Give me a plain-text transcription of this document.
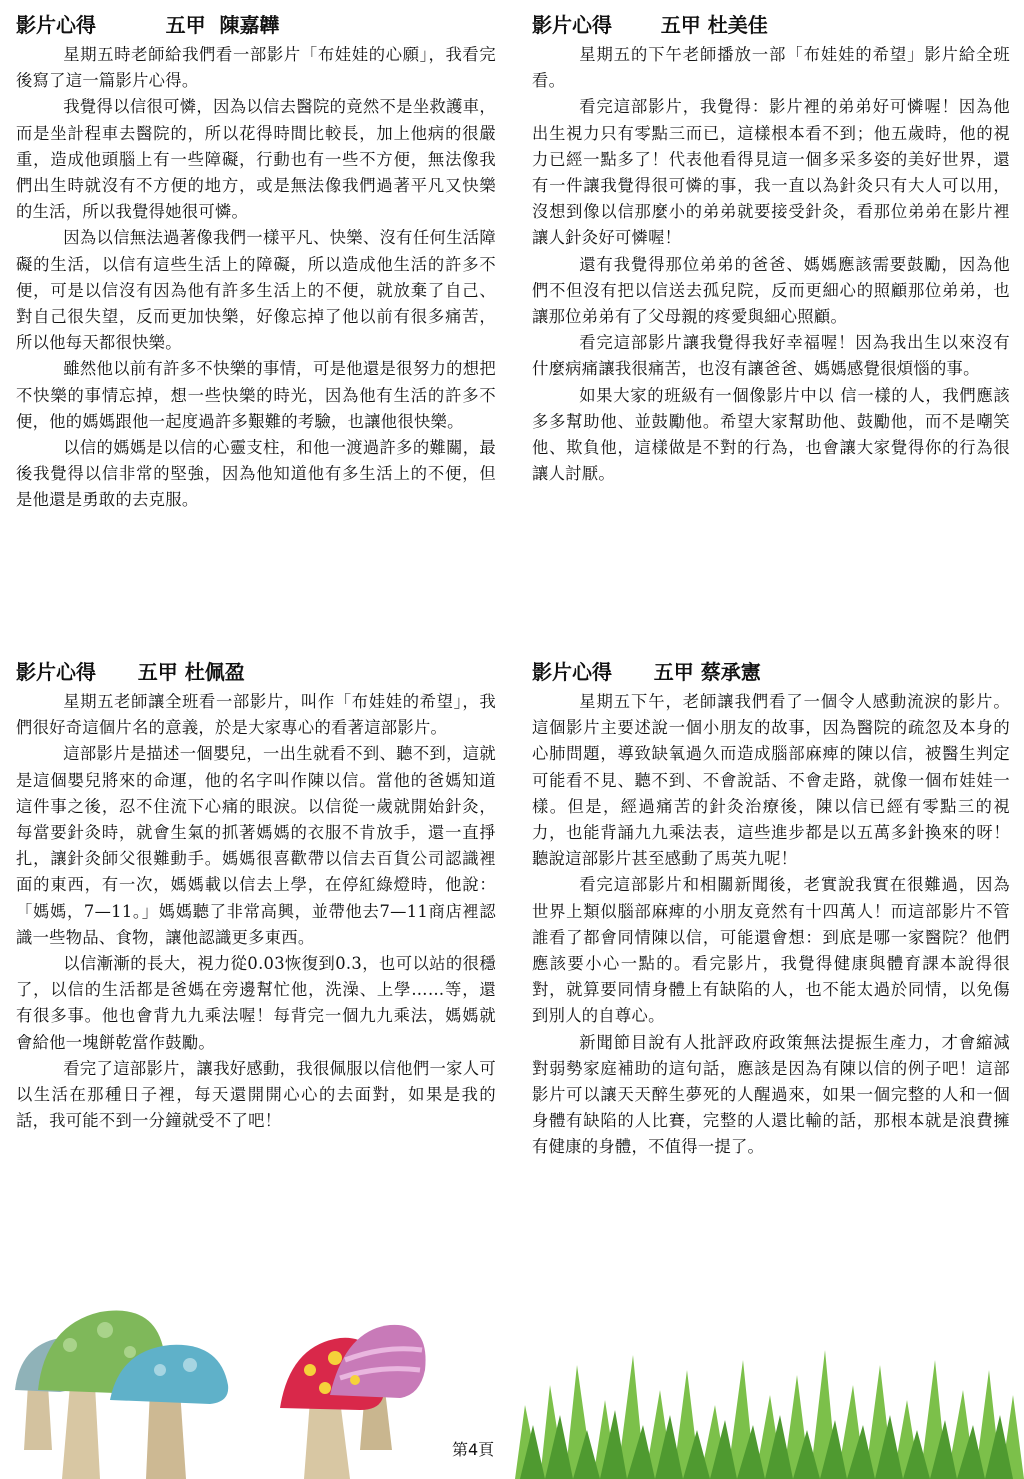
影片心得          五甲  陳嘉韡

星期五時老師給我們看一部影片「布娃娃的心願」，我看完後寫了這一篇影片心得。

我覺得以信很可憐，因為以信去醫院的竟然不是坐救護車，而是坐計程車去醫院的，所以花得時間比較長，加上他病的很嚴重，造成他頭腦上有一些障礙，行動也有一些不方便，無法像我們出生時就沒有不方便的地方，或是無法像我們過著平凡又快樂的生活，所以我覺得她很可憐。

因為以信無法過著像我們一樣平凡、快樂、沒有任何生活障礙的生活，以信有這些生活上的障礙，所以造成他生活的許多不便，可是以信沒有因為他有許多生活上的不便，就放棄了自己、對自己很失望，反而更加快樂，好像忘掉了他以前有很多痛苦，所以他每天都很快樂。

雖然他以前有許多不快樂的事情，可是他還是很努力的想把不快樂的事情忘掉，想一些快樂的時光，因為他有生活的許多不便，他的媽媽跟他一起度過許多艱難的考驗，也讓他很快樂。

以信的媽媽是以信的心靈支柱，和他一渡過許多的難關，最後我覺得以信非常的堅強，因為他知道他有多生活上的不便，但是他還是勇敢的去克服。

影片心得       五甲 杜美佳

星期五的下午老師播放一部「布娃娃的希望」影片給全班看。

看完這部影片，我覺得：影片裡的弟弟好可憐喔！因為他出生視力只有零點三而已，這樣根本看不到；他五歲時，他的視力已經一點多了！代表他看得見這一個多采多姿的美好世界，還有一件讓我覺得很可憐的事，我一直以為針灸只有大人可以用，沒想到像以信那麼小的弟弟就要接受針灸，看那位弟弟在影片裡讓人針灸好可憐喔！

還有我覺得那位弟弟的爸爸、媽媽應該需要鼓勵，因為他們不但沒有把以信送去孤兒院，反而更細心的照顧那位弟弟，也讓那位弟弟有了父母親的疼愛與細心照顧。

看完這部影片讓我覺得我好幸福喔！因為我出生以來沒有什麼病痛讓我很痛苦，也沒有讓爸爸、媽媽感覺很煩惱的事。

如果大家的班級有一個像影片中以 信一樣的人，我們應該多多幫助他、並鼓勵他。希望大家幫助他、鼓勵他，而不是嘲笑他、欺負他，這樣做是不對的行為，也會讓大家覺得你的行為很讓人討厭。

影片心得      五甲 杜佩盈

星期五老師讓全班看一部影片，叫作「布娃娃的希望」，我們很好奇這個片名的意義，於是大家專心的看著這部影片。

這部影片是描述一個嬰兒，一出生就看不到、聽不到，這就是這個嬰兒將來的命運，他的名字叫作陳以信。當他的爸媽知道這件事之後，忍不住流下心痛的眼淚。以信從一歲就開始針灸，每當要針灸時，就會生氣的抓著媽媽的衣服不肯放手，還一直掙扎，讓針灸師父很難動手。媽媽很喜歡帶以信去百貨公司認識裡面的東西，有一次，媽媽載以信去上學，在停紅綠燈時，他說：「媽媽，7—11。」媽媽聽了非常高興，並帶他去7—11商店裡認識一些物品、食物，讓他認識更多東西。

以信漸漸的長大，視力從0.03恢復到0.3，也可以站的很穩了，以信的生活都是爸媽在旁邊幫忙他，洗澡、上學……等，還有很多事。他也會背九九乘法喔！每背完一個九九乘法，媽媽就會給他一塊餅乾當作鼓勵。

看完了這部影片，讓我好感動，我很佩服以信他們一家人可以生活在那種日子裡，每天還開開心心的去面對，如果是我的話，我可能不到一分鐘就受不了吧！

影片心得      五甲 蔡承憲

星期五下午，老師讓我們看了一個令人感動流淚的影片。這個影片主要述說一個小朋友的故事，因為醫院的疏忽及本身的心肺問題，導致缺氧過久而造成腦部麻痺的陳以信，被醫生判定可能看不見、聽不到、不會說話、不會走路，就像一個布娃娃一樣。但是，經過痛苦的針灸治療後，陳以信已經有零點三的視力，也能背誦九九乘法表，這些進步都是以五萬多針換來的呀！聽說這部影片甚至感動了馬英九呢！

看完這部影片和相關新聞後，老實說我實在很難過，因為世界上類似腦部麻痺的小朋友竟然有十四萬人！而這部影片不管誰看了都會同情陳以信，可能還會想：到底是哪一家醫院？他們應該要小心一點的。看完影片，我覺得健康與體育課本說得很對，就算要同情身體上有缺陷的人，也不能太過於同情，以免傷到別人的自尊心。

新聞節目說有人批評政府政策無法提振生產力，才會縮減對弱勢家庭補助的這句話，應該是因為有陳以信的例子吧！這部影片可以讓天天醉生夢死的人醒過來，如果一個完整的人和一個身體有缺陷的人比賽，完整的人還比輸的話，那根本就是浪費擁有健康的身體，不值得一提了。

第4頁
